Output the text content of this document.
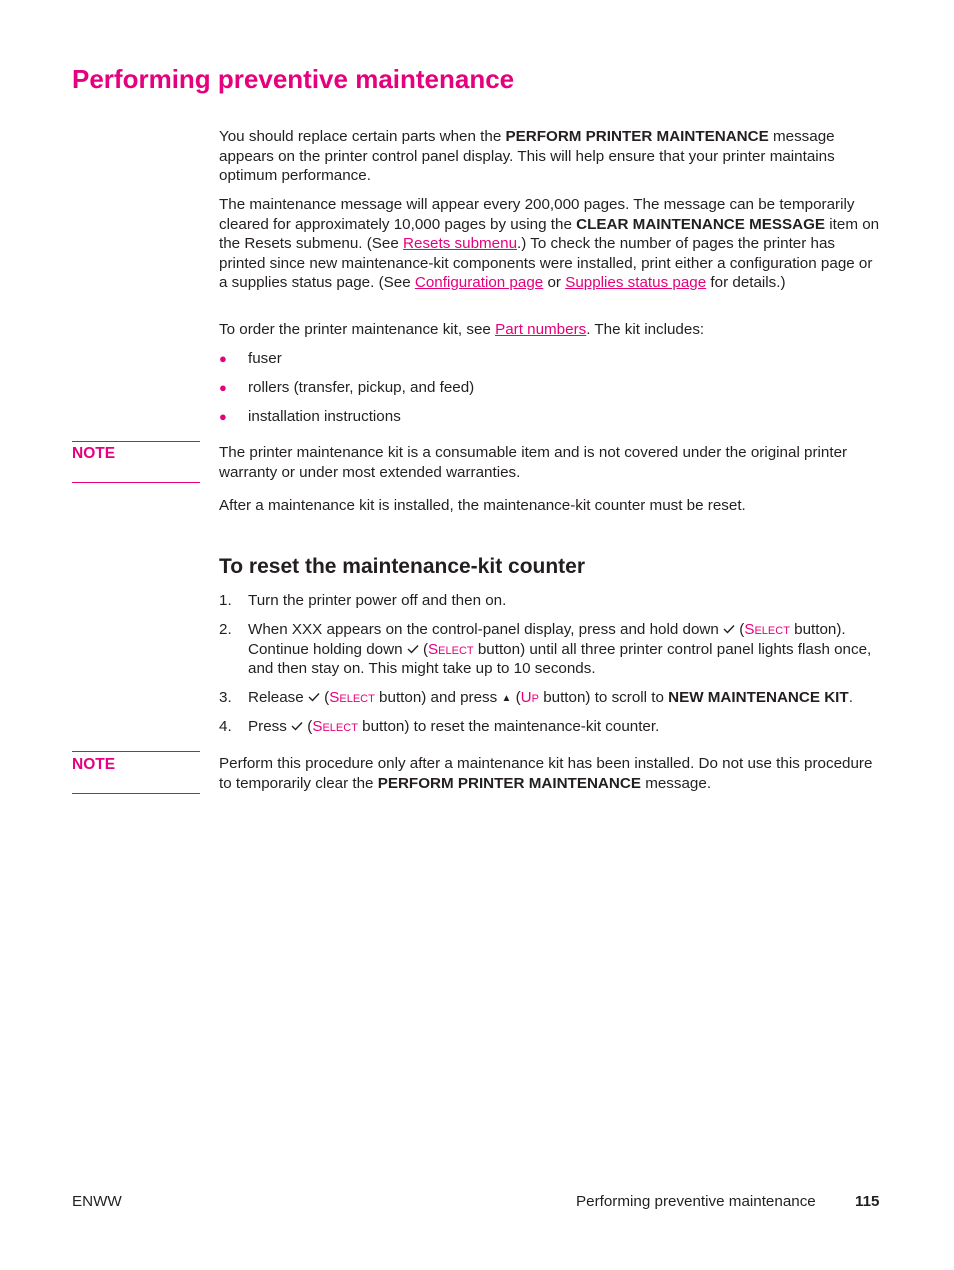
Performing preventive maintenance

You should replace certain parts when the PERFORM PRINTER MAINTENANCE message appears on the printer control panel display. This will help ensure that your printer maintains optimum performance.

The maintenance message will appear every 200,000 pages. The message can be temporarily cleared for approximately 10,000 pages by using the CLEAR MAINTENANCE MESSAGE item on the Resets submenu. (See Resets submenu.) To check the number of pages the printer has printed since new maintenance-kit components were installed, print either a configuration page or a supplies status page. (See Configuration page or Supplies status page for details.)

To order the printer maintenance kit, see Part numbers. The kit includes:

● fuser
● rollers (transfer, pickup, and feed)
● installation instructions
NOTE	The printer maintenance kit is a consumable item and is not covered under the original printer warranty or under most extended warranties.

After a maintenance kit is installed, the maintenance-kit counter must be reset.

To reset the maintenance-kit counter
1. Turn the printer power off and then on.
2. When XXX appears on the control-panel display, press and hold down  (Select button). Continue holding down  (Select button) until all three printer control panel lights flash once, and then stay on. This might take up to 10 seconds.
3. Release  (Select button) and press ▲ (Up button) to scroll to NEW MAINTENANCE KIT.
4. Press  (Select button) to reset the maintenance-kit counter.
NOTE	Perform this procedure only after a maintenance kit has been installed. Do not use this procedure to temporarily clear the PERFORM PRINTER MAINTENANCE message.

ENWW	Performing preventive maintenance	115
